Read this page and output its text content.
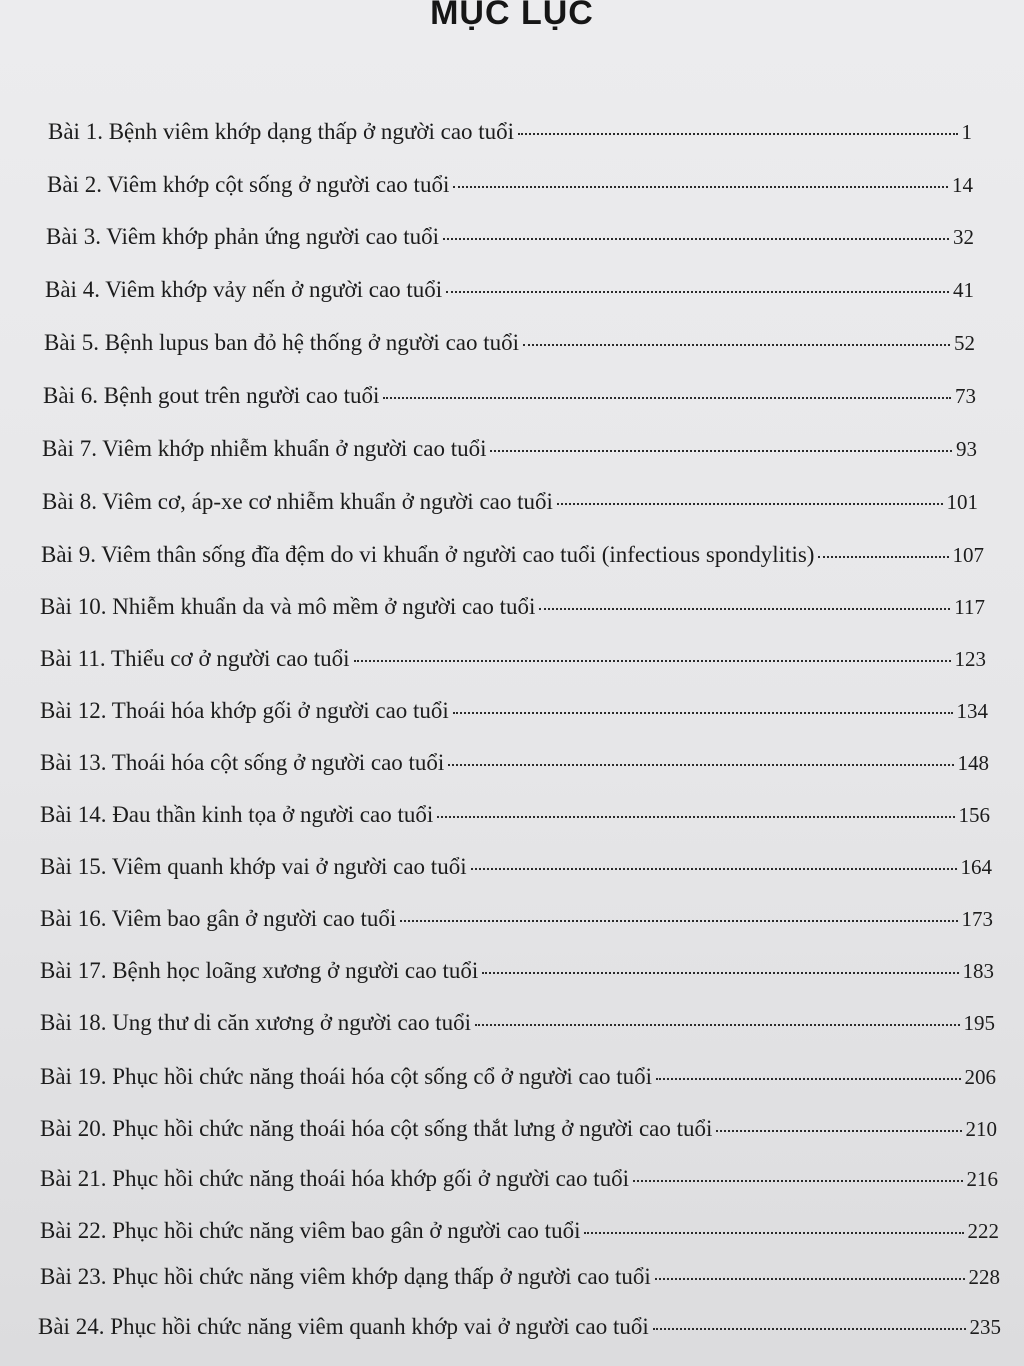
MỤC LỤC
Bài 1. Bệnh viêm khớp dạng thấp ở người cao tuổi	1
Bài 2. Viêm khớp cột sống ở người cao tuổi	14
Bài 3. Viêm khớp phản ứng người cao tuổi	32
Bài 4. Viêm khớp vảy nến ở người cao tuổi	41
Bài 5. Bệnh lupus ban đỏ hệ thống ở người cao tuổi	52
Bài 6. Bệnh gout trên người cao tuổi	73
Bài 7. Viêm khớp nhiễm khuẩn ở người cao tuổi	93
Bài 8. Viêm cơ, áp-xe cơ nhiễm khuẩn ở người cao tuổi	101
Bài 9. Viêm thân sống đĩa đệm do vi khuẩn ở người cao tuổi (infectious spondylitis)	107
Bài 10. Nhiễm khuẩn da và mô mềm ở người cao tuổi	117
Bài 11. Thiểu cơ ở người cao tuổi	123
Bài 12. Thoái hóa khớp gối ở người cao tuổi	134
Bài 13. Thoái hóa cột sống ở người cao tuổi	148
Bài 14. Đau thần kinh tọa ở người cao tuổi	156
Bài 15. Viêm quanh khớp vai ở người cao tuổi	164
Bài 16. Viêm bao gân ở người cao tuổi	173
Bài 17. Bệnh học loãng xương ở người cao tuổi	183
Bài 18. Ung thư di căn xương ở người cao tuổi	195
Bài 19. Phục hồi chức năng thoái hóa cột sống cổ ở người cao tuổi	206
Bài 20. Phục hồi chức năng thoái hóa cột sống thắt lưng ở người cao tuổi	210
Bài 21. Phục hồi chức năng thoái hóa khớp gối ở người cao tuổi	216
Bài 22. Phục hồi chức năng viêm bao gân ở người cao tuổi	222
Bài 23. Phục hồi chức năng viêm khớp dạng thấp ở người cao tuổi	228
Bài 24. Phục hồi chức năng viêm quanh khớp vai ở người cao tuổi	235
